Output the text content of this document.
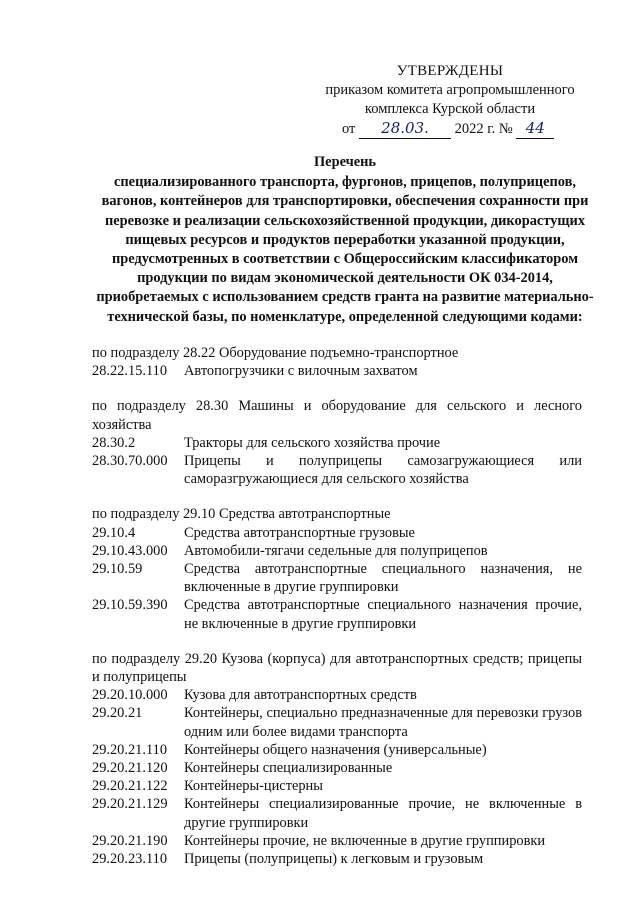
УТВЕРЖДЕНЫ
приказом комитета агропромышленного
комплекса Курской области
от 28.03. 2022 г. № 44
Перечень
специализированного транспорта, фургонов, прицепов, полуприцепов, вагонов, контейнеров для транспортировки, обеспечения сохранности при перевозке и реализации сельскохозяйственной продукции, дикорастущих пищевых ресурсов и продуктов переработки указанной продукции, предусмотренных в соответствии с Общероссийским классификатором продукции по видам экономической деятельности ОК 034-2014, приобретаемых с использованием средств гранта на развитие материально-технической базы, по номенклатуре, определенной следующими кодами:
по подразделу 28.22 Оборудование подъемно-транспортное
28.22.15.110	Автопогрузчики с вилочным захватом
по подразделу 28.30 Машины и оборудование для сельского и лесного хозяйства
28.30.2	Тракторы для сельского хозяйства прочие
28.30.70.000	Прицепы и полуприцепы самозагружающиеся или саморазгружающиеся для сельского хозяйства
по подразделу 29.10 Средства автотранспортные
29.10.4	Средства автотранспортные грузовые
29.10.43.000	Автомобили-тягачи седельные для полуприцепов
29.10.59	Средства автотранспортные специального назначения, не включенные в другие группировки
29.10.59.390	Средства автотранспортные специального назначения прочие, не включенные в другие группировки
по подразделу 29.20 Кузова (корпуса) для автотранспортных средств; прицепы и полуприцепы
29.20.10.000	Кузова для автотранспортных средств
29.20.21	Контейнеры, специально предназначенные для перевозки грузов одним или более видами транспорта
29.20.21.110	Контейнеры общего назначения (универсальные)
29.20.21.120	Контейнеры специализированные
29.20.21.122	Контейнеры-цистерны
29.20.21.129	Контейнеры специализированные прочие, не включенные в другие группировки
29.20.21.190	Контейнеры прочие, не включенные в другие группировки
29.20.23.110	Прицепы (полуприцепы) к легковым и грузовым
